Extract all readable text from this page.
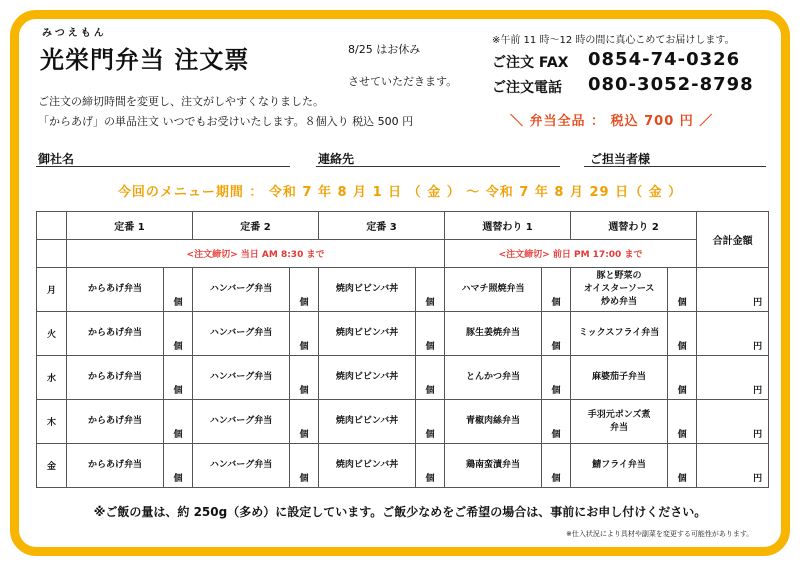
みつえもん
光栄門弁当 注文票	8/25 はお休み
させていただきます。
ご注文の締切時間を変更し、注文がしやすくなりました。
「からあげ」の単品注文 いつでもお受けいたします。８個入り 税込 500 円
※午前 11 時～12 時の間に真心こめてお届けします。
ご注文 FAX 0854-74-0326
ご注文電話 080-3052-8798
＼ 弁当全品 ： 税込 700 円 ／
御社名	連絡先	ご担当者様
今回のメニュー期間 ： 令和 7 年 8 月 1 日 （ 金 ） ～ 令和 7 年 8 月 29 日（ 金 ）
	定番 1		定番 2		定番 3		週替わり 1		週替わり 2		合計金額
	<注文締切> 当日 AM 8:30 まで						<注文締切> 前日 PM 17:00 まで				
月	からあげ弁当	個	ハンバーグ弁当	個	焼肉ビビンバ丼	個	ハマチ照焼弁当	個	豚と野菜の
オイスターソース
炒め弁当	個	円
火	からあげ弁当	個	ハンバーグ弁当	個	焼肉ビビンバ丼	個	豚生姜焼弁当	個	ミックスフライ弁当	個	円
水	からあげ弁当	個	ハンバーグ弁当	個	焼肉ビビンバ丼	個	とんかつ弁当	個	麻婆茄子弁当	個	円
木	からあげ弁当	個	ハンバーグ弁当	個	焼肉ビビンバ丼	個	青椒肉絲弁当	個	手羽元ポンズ煮
弁当	個	円
金	からあげ弁当	個	ハンバーグ弁当	個	焼肉ビビンバ丼	個	鶏南蛮漬弁当	個	鯖フライ弁当	個	円
※ご飯の量は、約 250g（多め）に設定しています。ご飯少なめをご希望の場合は、事前にお申し付けください。
※仕入状況により具材や副菜を変更する可能性があります。
